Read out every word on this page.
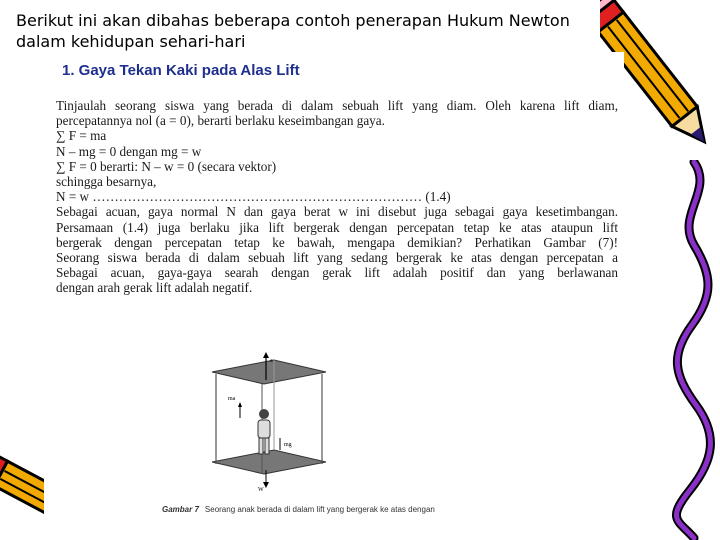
Berikut ini akan dibahas beberapa contoh penerapan Hukum Newton
dalam kehidupan sehari-hari
1. Gaya Tekan Kaki pada Alas Lift
Tinjaulah seorang siswa yang berada di dalam sebuah lift yang diam. Oleh karena lift diam,
percepatannya nol (a = 0), berarti berlaku keseimbangan gaya.
∑ F = ma
N – mg = 0 dengan mg = w
∑ F = 0 berarti: N – w = 0 (secara vektor)
schingga besarnya,
N = w ………………………………………………………………… (1.4)
Sebagai acuan, gaya normal N dan gaya berat w ini disebut juga sebagai gaya kesetimbangan.
Persamaan (1.4) juga berlaku jika lift bergerak dengan percepatan tetap ke atas ataupun lift
bergerak dengan percepatan tetap ke bawah, mengapa demikian? Perhatikan Gambar (7)!
Seorang siswa berada di dalam sebuah lift yang sedang bergerak ke atas dengan percepatan a
Sebagai acuan, gaya-gaya searah dengan gerak lift adalah positif dan yang berlawanan
dengan arah gerak lift adalah negatif.
a
ma
mg
W
Gambar 7 Seorang anak berada di dalam lift yang bergerak ke atas dengan
